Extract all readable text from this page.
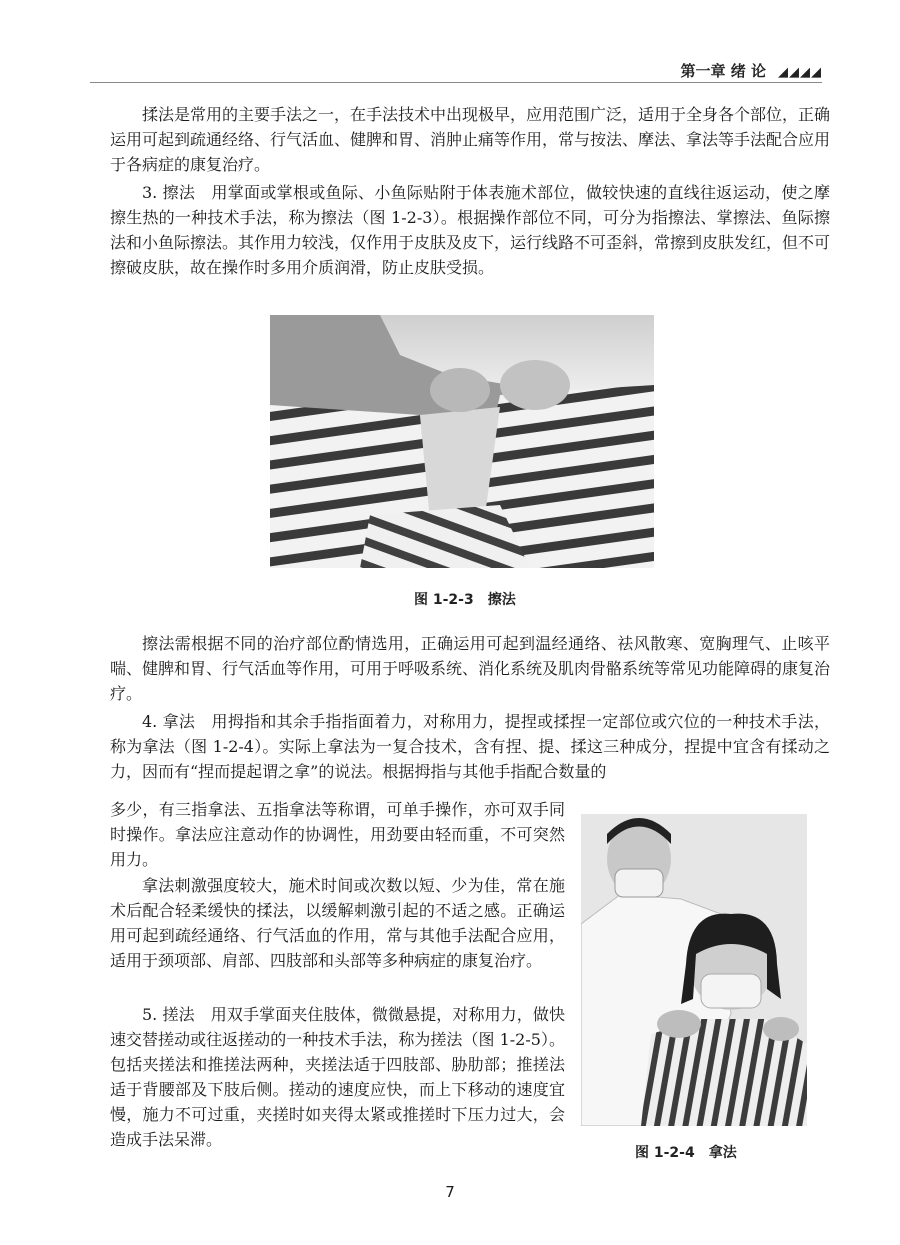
第一章 绪 论 ◢◢◢◢

揉法是常用的主要手法之一，在手法技术中出现极早，应用范围广泛，适用于全身各个部位，正确运用可起到疏通经络、行气活血、健脾和胃、消肿止痛等作用，常与按法、摩法、拿法等手法配合应用于各病症的康复治疗。

3. 擦法　用掌面或掌根或鱼际、小鱼际贴附于体表施术部位，做较快速的直线往返运动，使之摩擦生热的一种技术手法，称为擦法（图 1-2-3）。根据操作部位不同，可分为指擦法、掌擦法、鱼际擦法和小鱼际擦法。其作用力较浅，仅作用于皮肤及皮下，运行线路不可歪斜，常擦到皮肤发红，但不可擦破皮肤，故在操作时多用介质润滑，防止皮肤受损。

图 1-2-3　擦法

擦法需根据不同的治疗部位酌情选用，正确运用可起到温经通络、祛风散寒、宽胸理气、止咳平喘、健脾和胃、行气活血等作用，可用于呼吸系统、消化系统及肌肉骨骼系统等常见功能障碍的康复治疗。

4. 拿法　用拇指和其余手指指面着力，对称用力，提捏或揉捏一定部位或穴位的一种技术手法，称为拿法（图 1-2-4）。实际上拿法为一复合技术，含有捏、提、揉这三种成分，捏提中宜含有揉动之力，因而有“捏而提起谓之拿”的说法。根据拇指与其他手指配合数量的

多少，有三指拿法、五指拿法等称谓，可单手操作，亦可双手同时操作。拿法应注意动作的协调性，用劲要由轻而重，不可突然用力。

拿法刺激强度较大，施术时间或次数以短、少为佳，常在施术后配合轻柔缓快的揉法，以缓解刺激引起的不适之感。正确运用可起到疏经通络、行气活血的作用，常与其他手法配合应用，适用于颈项部、肩部、四肢部和头部等多种病症的康复治疗。

5. 搓法　用双手掌面夹住肢体，微微悬提，对称用力，做快速交替搓动或往返搓动的一种技术手法，称为搓法（图 1-2-5）。包括夹搓法和推搓法两种，夹搓法适于四肢部、胁肋部；推搓法适于背腰部及下肢后侧。搓动的速度应快，而上下移动的速度宜慢，施力不可过重，夹搓时如夹得太紧或推搓时下压力过大，会造成手法呆滞。

图 1-2-4　拿法
7
